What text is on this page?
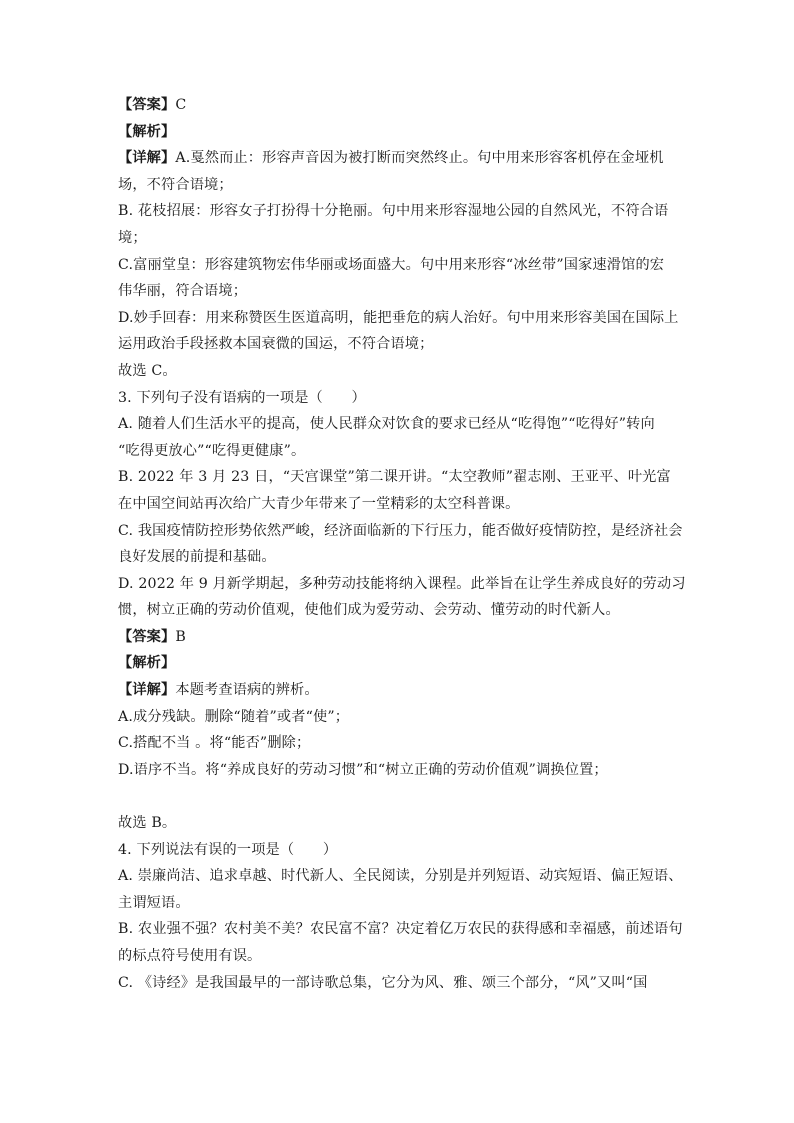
【答案】C
【解析】
【详解】A.戛然而止：形容声音因为被打断而突然终止。句中用来形容客机停在金垭机
场，不符合语境；
B. 花枝招展：形容女子打扮得十分艳丽。句中用来形容湿地公园的自然风光，不符合语
境；
C.富丽堂皇：形容建筑物宏伟华丽或场面盛大。句中用来形容“冰丝带”国家速滑馆的宏
伟华丽，符合语境；
D.妙手回春：用来称赞医生医道高明，能把垂危的病人治好。句中用来形容美国在国际上
运用政治手段拯救本国衰微的国运，不符合语境；
故选 C。
3. 下列句子没有语病的一项是（　　）
A. 随着人们生活水平的提高，使人民群众对饮食的要求已经从“吃得饱”“吃得好”转向
“吃得更放心”“吃得更健康”。
B. 2022 年 3 月 23 日，“天宫课堂”第二课开讲。“太空教师”翟志刚、王亚平、叶光富
在中国空间站再次给广大青少年带来了一堂精彩的太空科普课。
C. 我国疫情防控形势依然严峻，经济面临新的下行压力，能否做好疫情防控，是经济社会
良好发展的前提和基础。
D. 2022 年 9 月新学期起，多种劳动技能将纳入课程。此举旨在让学生养成良好的劳动习
惯，树立正确的劳动价值观，使他们成为爱劳动、会劳动、懂劳动的时代新人。
【答案】B
【解析】
【详解】本题考查语病的辨析。
A.成分残缺。删除“随着”或者“使”；
C.搭配不当 。将“能否”删除；
D.语序不当。将“养成良好的劳动习惯”和“树立正确的劳动价值观”调换位置；
故选 B。
4. 下列说法有误的一项是（　　）
A. 崇廉尚洁、追求卓越、时代新人、全民阅读，分别是并列短语、动宾短语、偏正短语、
主谓短语。
B. 农业强不强？农村美不美？农民富不富？决定着亿万农民的获得感和幸福感，前述语句
的标点符号使用有误。
C. 《诗经》是我国最早的一部诗歌总集，它分为风、雅、颂三个部分，“风”又叫“国
